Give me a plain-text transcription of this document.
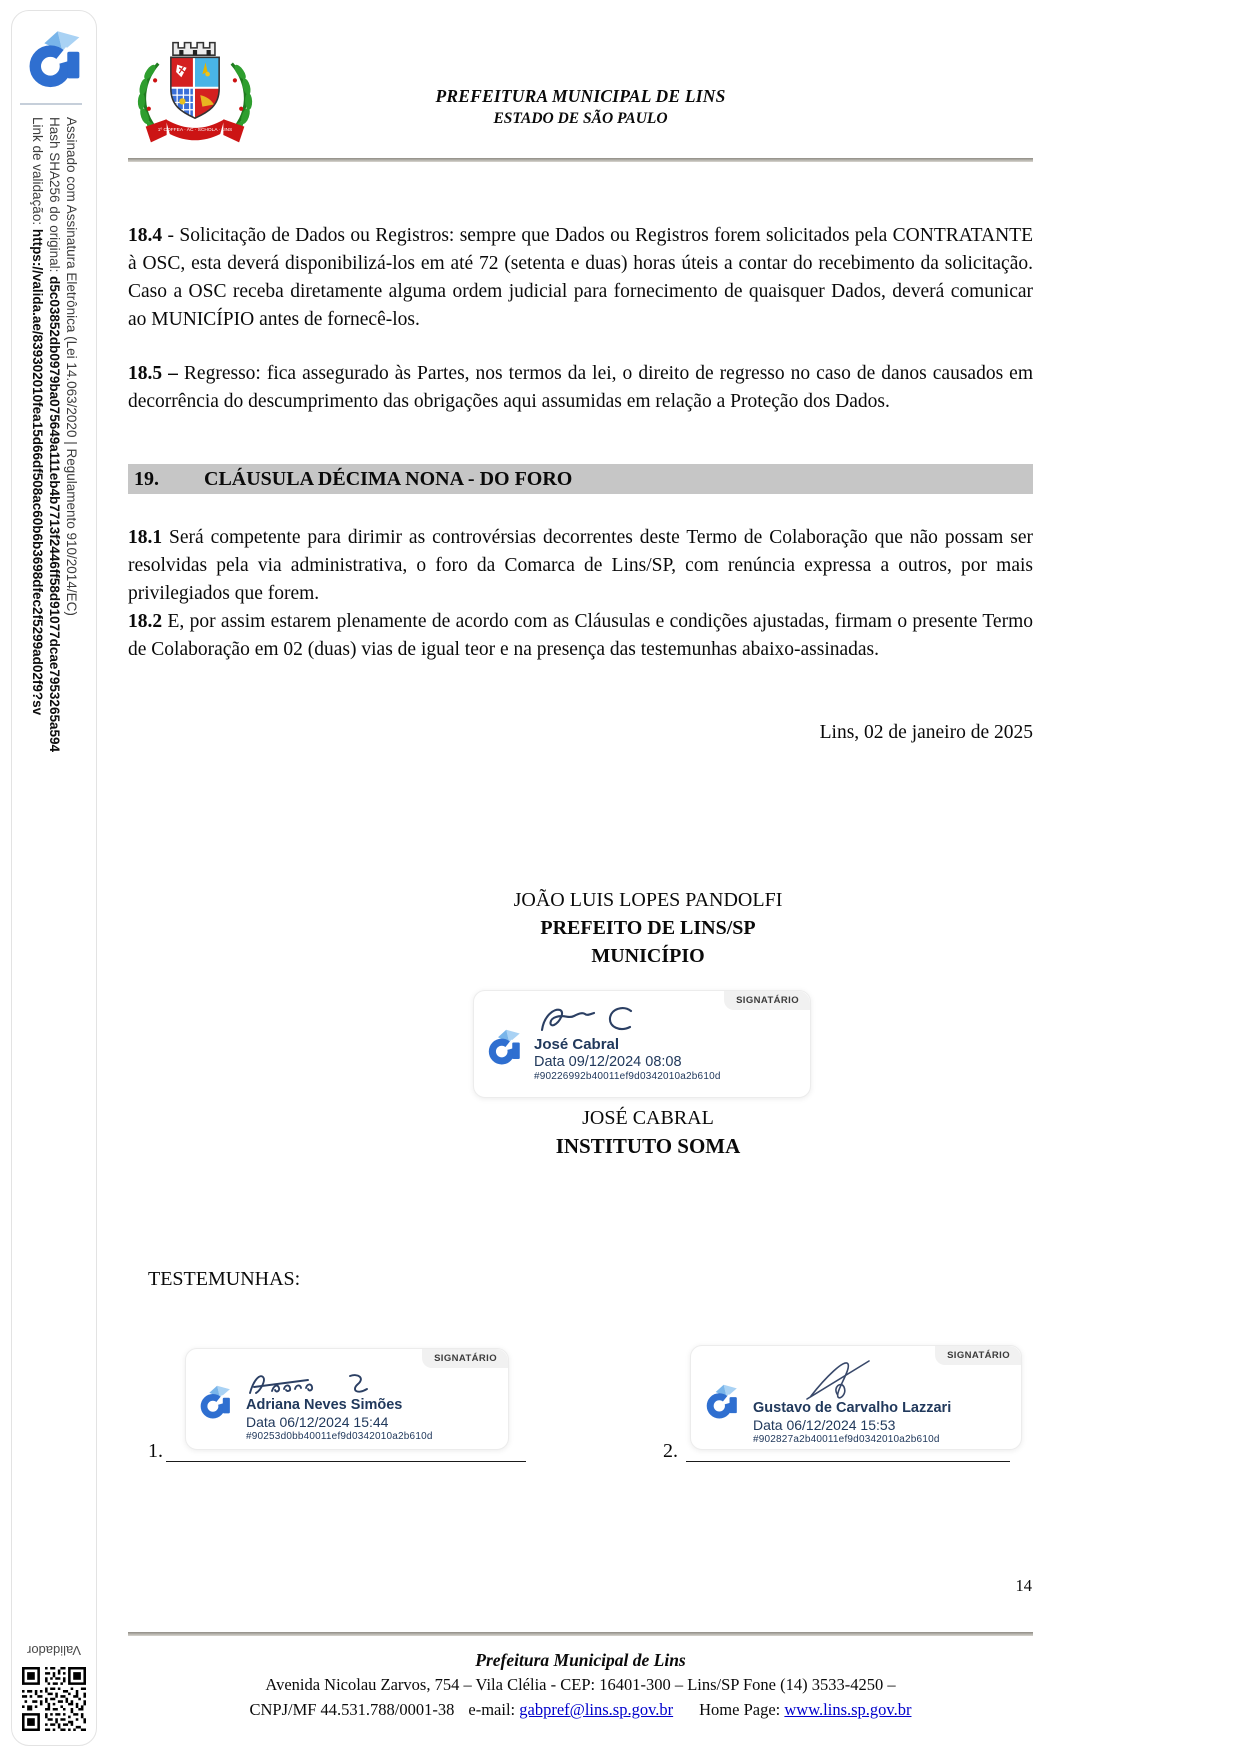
Assinado com Assinatura Eletrônica (Lei 14.063/2020 | Regulamento 910/2014/EC)
Hash SHA256 do original: d5c03852db0979ba075649a111eb4b7713f2446ff58d91077dcae7953265a594
Link de validação: https://valida.ae/839302010fea15d66df508ac60b6b3698dfec2f5299ad02f9?sv
Validador
1º COFFEA · AC · SCHOLA · LINS
PREFEITURA MUNICIPAL DE LINS
ESTADO DE SÃO PAULO
18.4 - Solicitação de Dados ou Registros: sempre que Dados ou Registros forem solicitados pela CONTRATANTE à OSC, esta deverá disponibilizá-los em até 72 (setenta e duas) horas úteis a contar do recebimento da solicitação. Caso a OSC receba diretamente alguma ordem judicial para fornecimento de quaisquer Dados, deverá comunicar ao MUNICÍPIO antes de fornecê-los.
18.5 – Regresso: fica assegurado às Partes, nos termos da lei, o direito de regresso no caso de danos causados em decorrência do descumprimento das obrigações aqui assumidas em relação a Proteção dos Dados.
19. CLÁUSULA DÉCIMA NONA - DO FORO
18.1 Será competente para dirimir as controvérsias decorrentes deste Termo de Colaboração que não possam ser resolvidas pela via administrativa, o foro da Comarca de Lins/SP, com renúncia expressa a outros, por mais privilegiados que forem.
18.2 E, por assim estarem plenamente de acordo com as Cláusulas e condições ajustadas, firmam o presente Termo de Colaboração em 02 (duas) vias de igual teor e na presença das testemunhas abaixo-assinadas.
Lins, 02 de janeiro de 2025
JOÃO LUIS LOPES PANDOLFI
PREFEITO DE LINS/SP
MUNICÍPIO
SIGNATÁRIO
José Cabral
Data 09/12/2024 08:08
#90226992b40011ef9d0342010a2b610d
JOSÉ CABRAL
INSTITUTO SOMA
TESTEMUNHAS:
SIGNATÁRIO
Adriana Neves Simões
Data 06/12/2024 15:44
#90253d0bb40011ef9d0342010a2b610d
SIGNATÁRIO
Gustavo de Carvalho Lazzari
Data 06/12/2024 15:53
#902827a2b40011ef9d0342010a2b610d
1.	2.
14
Prefeitura Municipal de Lins
Avenida Nicolau Zarvos, 754 – Vila Clélia - CEP: 16401-300 – Lins/SP Fone (14) 3533-4250 –
CNPJ/MF 44.531.788/0001-38 e-mail: gabpref@lins.sp.gov.br Home Page: www.lins.sp.gov.br
